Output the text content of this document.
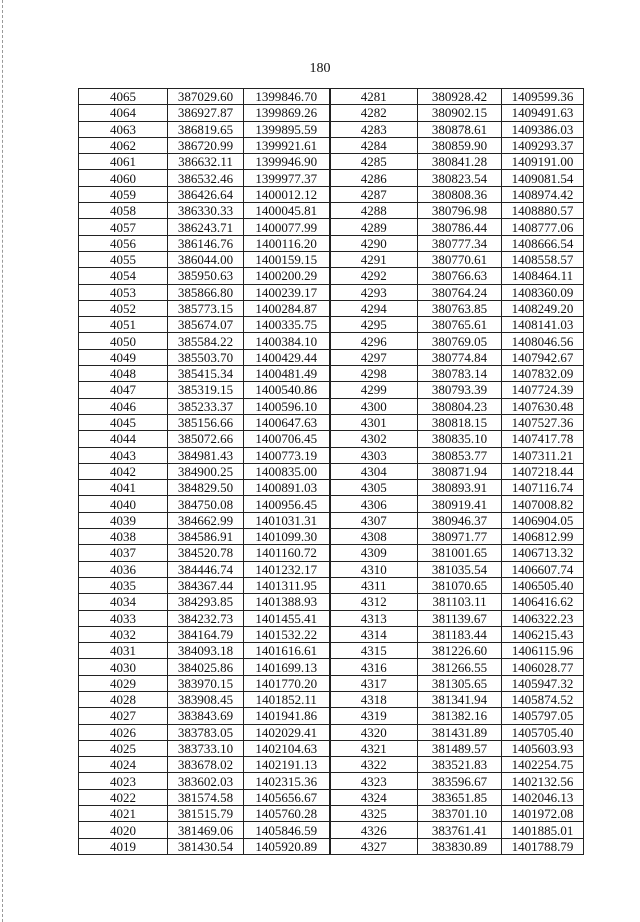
180
4065	387029.60	1399846.70	4281	380928.42	1409599.36
4064	386927.87	1399869.26	4282	380902.15	1409491.63
4063	386819.65	1399895.59	4283	380878.61	1409386.03
4062	386720.99	1399921.61	4284	380859.90	1409293.37
4061	386632.11	1399946.90	4285	380841.28	1409191.00
4060	386532.46	1399977.37	4286	380823.54	1409081.54
4059	386426.64	1400012.12	4287	380808.36	1408974.42
4058	386330.33	1400045.81	4288	380796.98	1408880.57
4057	386243.71	1400077.99	4289	380786.44	1408777.06
4056	386146.76	1400116.20	4290	380777.34	1408666.54
4055	386044.00	1400159.15	4291	380770.61	1408558.57
4054	385950.63	1400200.29	4292	380766.63	1408464.11
4053	385866.80	1400239.17	4293	380764.24	1408360.09
4052	385773.15	1400284.87	4294	380763.85	1408249.20
4051	385674.07	1400335.75	4295	380765.61	1408141.03
4050	385584.22	1400384.10	4296	380769.05	1408046.56
4049	385503.70	1400429.44	4297	380774.84	1407942.67
4048	385415.34	1400481.49	4298	380783.14	1407832.09
4047	385319.15	1400540.86	4299	380793.39	1407724.39
4046	385233.37	1400596.10	4300	380804.23	1407630.48
4045	385156.66	1400647.63	4301	380818.15	1407527.36
4044	385072.66	1400706.45	4302	380835.10	1407417.78
4043	384981.43	1400773.19	4303	380853.77	1407311.21
4042	384900.25	1400835.00	4304	380871.94	1407218.44
4041	384829.50	1400891.03	4305	380893.91	1407116.74
4040	384750.08	1400956.45	4306	380919.41	1407008.82
4039	384662.99	1401031.31	4307	380946.37	1406904.05
4038	384586.91	1401099.30	4308	380971.77	1406812.99
4037	384520.78	1401160.72	4309	381001.65	1406713.32
4036	384446.74	1401232.17	4310	381035.54	1406607.74
4035	384367.44	1401311.95	4311	381070.65	1406505.40
4034	384293.85	1401388.93	4312	381103.11	1406416.62
4033	384232.73	1401455.41	4313	381139.67	1406322.23
4032	384164.79	1401532.22	4314	381183.44	1406215.43
4031	384093.18	1401616.61	4315	381226.60	1406115.96
4030	384025.86	1401699.13	4316	381266.55	1406028.77
4029	383970.15	1401770.20	4317	381305.65	1405947.32
4028	383908.45	1401852.11	4318	381341.94	1405874.52
4027	383843.69	1401941.86	4319	381382.16	1405797.05
4026	383783.05	1402029.41	4320	381431.89	1405705.40
4025	383733.10	1402104.63	4321	381489.57	1405603.93
4024	383678.02	1402191.13	4322	383521.83	1402254.75
4023	383602.03	1402315.36	4323	383596.67	1402132.56
4022	381574.58	1405656.67	4324	383651.85	1402046.13
4021	381515.79	1405760.28	4325	383701.10	1401972.08
4020	381469.06	1405846.59	4326	383761.41	1401885.01
4019	381430.54	1405920.89	4327	383830.89	1401788.79
